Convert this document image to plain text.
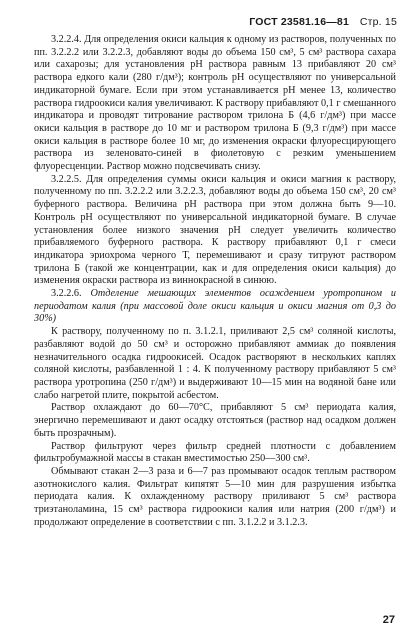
ГОСТ 23581.16—81 Стр. 15

3.2.2.4. Для определения окиси кальция к одному из растворов, полученных по пп. 3.2.2.2 или 3.2.2.3, добавляют воды до объема 150 см³, 5 см³ раствора сахара или сахарозы; для установления pH раствора равным 13 прибавляют 20 см³ раствора едкого кали (280 г/дм³); контроль pH осуществляют по универсальной индикаторной бумаге. Если при этом устанавливается pH менее 13, количество раствора гидроокиси калия увеличивают. К раствору прибавляют 0,1 г смешанного индикатора и проводят титрование раствором трилона Б (4,6 г/дм³) при массе окиси кальция в растворе до 10 мг и раствором трилона Б (9,3 г/дм³) при массе окиси кальция в растворе более 10 мг, до изменения окраски флуоресцирующего раствора из зеленовато-синей в фиолетовую с резким уменьшением флуоресценции. Раствор можно подсвечивать снизу.

3.2.2.5. Для определения суммы окиси кальция и окиси магния к раствору, полученному по пп. 3.2.2.2 или 3.2.2.3, добавляют воды до объема 150 см³, 20 см³ буферного раствора. Величина pH раствора при этом должна быть 9—10. Контроль pH осуществляют по универсальной индикаторной бумаге. В случае установления более низкого значения pH следует увеличить количество прибавляемого буферного раствора. К раствору прибавляют 0,1 г смеси индикатора эриохрома черного Т, перемешивают и сразу титруют раствором трилона Б (такой же концентрации, как и для определения окиси кальция) до изменения окраски раствора из виннокрасной в синюю.

3.2.2.6. Отделение мешающих элементов осаждением уротропином и периодатом калия (при массовой доле окиси кальция и окиси магния от 0,3 до 30%)

К раствору, полученному по п. 3.1.2.1, приливают 2,5 см³ соляной кислоты, разбавляют водой до 50 см³ и осторожно прибавляют аммиак до появления незначительного осадка гидроокисей. Осадок растворяют в нескольких каплях соляной кислоты, разбавленной 1 : 4. К полученному раствору прибавляют 5 см³ раствора уротропина (250 г/дм³) и выдерживают 10—15 мин на водяной бане или слабо нагретой плите, покрытой асбестом.

Раствор охлаждают до 60—70°С, прибавляют 5 см³ периодата калия, энергично перемешивают и дают осадку отстояться (раствор над осадком должен быть прозрачным).

Раствор фильтруют через фильтр средней плотности с добавлением фильтробумажной массы в стакан вместимостью 250—300 см³.

Обмывают стакан 2—3 раза и 6—7 раз промывают осадок теплым раствором азотнокислого калия. Фильтрат кипятят 5—10 мин для разрушения избытка периодата калия. К охлажденному раствору приливают 5 см³ раствора триэтаноламина, 15 см³ раствора гидроокиси калия или натрия (200 г/дм³) и продолжают определение в соответствии с пп. 3.1.2.2 и 3.1.2.3.

27
